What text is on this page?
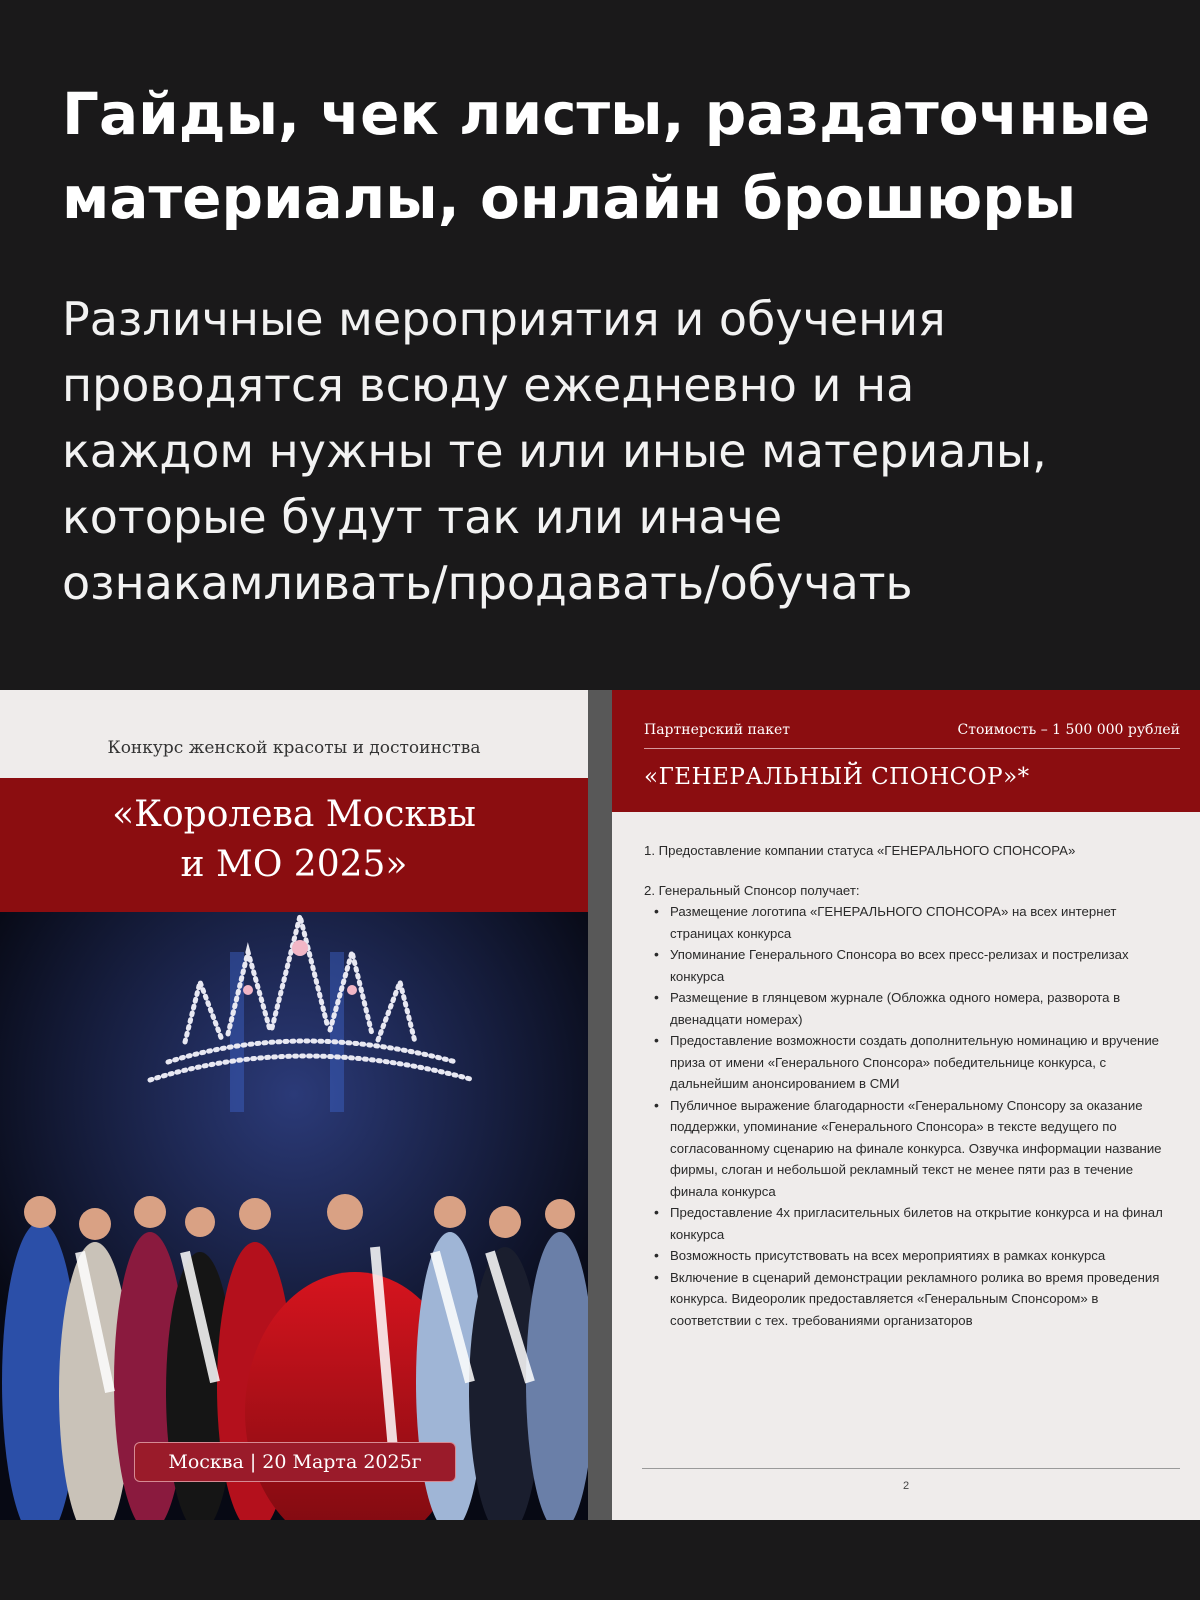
Гайды, чек листы, раздаточные
материалы, онлайн брошюры

Различные мероприятия и обучения
проводятся всюду ежедневно и на
каждом нужны те или иные материалы,
которые будут так или иначе
ознакамливать/продавать/обучать

Конкурс женской красоты и достоинства
«Королева Москвы
и МО 2025»
Москва | 20 Марта 2025г
Партнерский пакет	Стоимость – 1 500 000 рублей
«ГЕНЕРАЛЬНЫЙ СПОНСОР»*

1. Предоставление компании статуса «ГЕНЕРАЛЬНОГО СПОНСОРА»

2. Генеральный Спонсор получает:
• Размещение логотипа «ГЕНЕРАЛЬНОГО СПОНСОРА» на всех интернет страницах конкурса
• Упоминание Генерального Спонсора во всех пресс-релизах и пострелизах конкурса
• Размещение в глянцевом журнале (Обложка одного номера, разворота в двенадцати номерах)
• Предоставление возможности создать дополнительную номинацию и вручение приза от имени «Генерального Спонсора» победительнице конкурса, с дальнейшим анонсированием в СМИ
• Публичное выражение благодарности «Генеральному Спонсору за оказание поддержки, упоминание «Генерального Спонсора» в тексте ведущего по согласованному сценарию на финале конкурса. Озвучка информации название фирмы, слоган и небольшой рекламный текст не менее пяти раз в течение финала конкурса
• Предоставление 4х пригласительных билетов на открытие конкурса и на финал конкурса
• Возможность присутствовать на всех мероприятиях в рамках конкурса
• Включение в сценарий демонстрации рекламного ролика во время проведения конкурса. Видеоролик предоставляется «Генеральным Спонсором» в соответствии с тех. требованиями организаторов
2
